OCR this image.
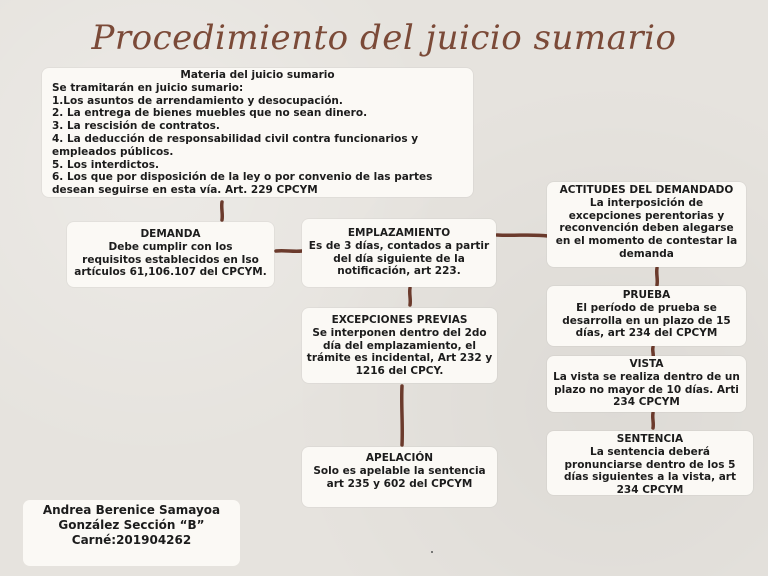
Procedimiento del juicio sumario
Materia del juicio sumario
Se tramitarán en juicio sumario:
1.Los asuntos de arrendamiento y desocupación.
2. La entrega de bienes muebles que no sean dinero.
3. La rescisión de contratos.
4. La deducción de responsabilidad civil contra funcionarios y
empleados públicos.
5. Los interdictos.
6. Los que por disposición de la ley o por convenio de las partes
desean seguirse en esta vía. Art. 229 CPCYM
DEMANDA
Debe cumplir con los
requisitos establecidos en Iso
artículos 61,106.107 del CPCYM.
EMPLAZAMIENTO
Es de 3 días, contados a partir
del día siguiente de la
notificación, art 223.
ACTITUDES DEL DEMANDADO
La interposición de
excepciones perentorias y
reconvención deben alegarse
en el momento de contestar la
demanda
EXCEPCIONES PREVIAS
Se interponen dentro del 2do
día del emplazamiento, el
trámite es incidental, Art 232 y
1216 del CPCY.
PRUEBA
El período de prueba se
desarrolla en un plazo de 15
días, art 234 del CPCYM
VISTA
La vista se realiza dentro de un
plazo no mayor de 10 días. Arti
234 CPCYM
APELACIÓN
Solo es apelable la sentencia
art 235 y 602 del CPCYM
SENTENCIA
La sentencia deberá
pronunciarse dentro de los 5
días siguientes a la vista, art
234 CPCYM
Andrea Berenice Samayoa González Sección “B” Carné:201904262
